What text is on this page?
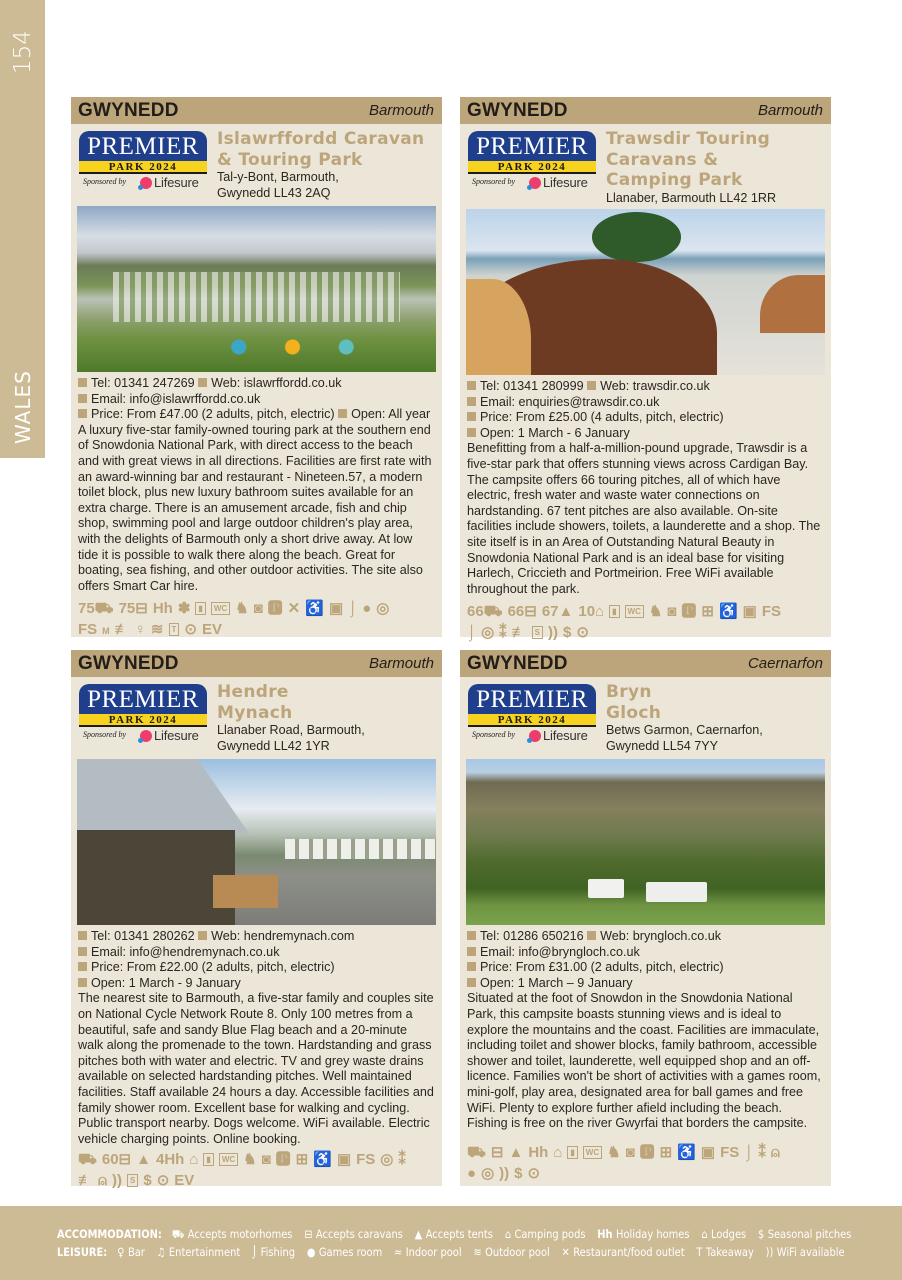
154
WALES
GWYNEDD	Barmouth
PREMIER
PARK 2024
Sponsored by Lifesure
Islawrffordd Caravan
& Touring Park
Tal-y-Bont, Barmouth,
Gwynedd LL43 2AQ
Tel: 01341 247269 Web: islawrffordd.co.uk
Email: info@islawrffordd.co.uk
Price: From £47.00 (2 adults, pitch, electric) Open: All year
A luxury five-star family-owned touring park at the southern end of Snowdonia National Park, with direct access to the beach and with great views in all directions. Facilities are first rate with an award-winning bar and restaurant - Nineteen.57, a modern toilet block, plus new luxury bathroom suites available for an extra charge. There is an amusement arcade, fish and chip shop, swimming pool and large outdoor children's play area, with the delights of Barmouth only a short drive away. At low tide it is possible to walk there along the beach. Great for boating, sea fishing, and other outdoor activities. The site also offers Smart Car hire.
75⛟ 75⊟ Hh ✽ ▮ WC ♞ ◙ 🅿 ✕ ♿ ▣ ⌡ ● ◎
FS M ≢ ♀ ≋ T ⊙ EV
GWYNEDD	Barmouth
PREMIER
PARK 2024
Sponsored by Lifesure
Trawsdir Touring
Caravans &
Camping Park
Llanaber, Barmouth LL42 1RR
Tel: 01341 280999 Web: trawsdir.co.uk
Email: enquiries@trawsdir.co.uk
Price: From £25.00 (4 adults, pitch, electric)
Open: 1 March - 6 January
Benefitting from a half-a-million-pound upgrade, Trawsdir is a five-star park that offers stunning views across Cardigan Bay. The campsite offers 66 touring pitches, all of which have electric, fresh water and waste water connections on hardstanding. 67 tent pitches are also available. On-site facilities include showers, toilets, a launderette and a shop. The site itself is in an Area of Outstanding Natural Beauty in Snowdonia National Park and is an ideal base for visiting Harlech, Criccieth and Portmeirion. Free WiFi available throughout the park.
66⛟ 66⊟ 67▲ 10⌂ ▮ WC ♞ ◙ 🅿 ⊞ ♿ ▣ FS
⌡ ◎ ⁑ ≢ S )) $ ⊙
GWYNEDD	Barmouth
PREMIER
PARK 2024
Sponsored by Lifesure
Hendre
Mynach
Llanaber Road, Barmouth,
Gwynedd LL42 1YR
Tel: 01341 280262 Web: hendremynach.com
Email: info@hendremynach.co.uk
Price: From £22.00 (2 adults, pitch, electric)
Open: 1 March - 9 January
The nearest site to Barmouth, a five-star family and couples site on National Cycle Network Route 8. Only 100 metres from a beautiful, safe and sandy Blue Flag beach and a 20-minute walk along the promenade to the town. Hardstanding and grass pitches both with water and electric. TV and grey waste drains available on selected hardstanding pitches. Well maintained facilities. Staff available 24 hours a day. Accessible facilities and family shower room. Excellent base for walking and cycling. Public transport nearby. Dogs welcome. WiFi available. Electric vehicle charging points. Online booking.
⛟ 60⊟ ▲ 4Hh ⌂ ▮ WC ♞ ◙ 🅿 ⊞ ♿ ▣ FS ◎ ⁑
≢ ⍝ )) S $ ⊙ EV
GWYNEDD	Caernarfon
PREMIER
PARK 2024
Sponsored by Lifesure
Bryn
Gloch
Betws Garmon, Caernarfon,
Gwynedd LL54 7YY
Tel: 01286 650216 Web: bryngloch.co.uk
Email: info@bryngloch.co.uk
Price: From £31.00 (2 adults, pitch, electric)
Open: 1 March – 9 January
Situated at the foot of Snowdon in the Snowdonia National Park, this campsite boasts stunning views and is ideal to explore the mountains and the coast. Facilities are immaculate, including toilet and shower blocks, family bathroom, accessible shower and toilet, launderette, well equipped shop and an off-licence. Families won't be short of activities with a games room, mini-golf, play area, designated area for ball games and free WiFi. Plenty to explore further afield including the beach. Fishing is free on the river Gwyrfai that borders the campsite.
⛟ ⊟ ▲ Hh ⌂ ▮ WC ♞ ◙ 🅿 ⊞ ♿ ▣ FS ⌡ ⁑ ⍝
● ◎ )) $ ⊙
ACCOMMODATION: ⛟ Accepts motorhomes ⊟ Accepts caravans ▲ Accepts tents ⌂ Camping pods Hh Holiday homes ⌂ Lodges $ Seasonal pitches
LEISURE: ♀ Bar ♫ Entertainment ⌡ Fishing ● Games room ≈ Indoor pool ≋ Outdoor pool ✕ Restaurant/food outlet T Takeaway )) WiFi available
